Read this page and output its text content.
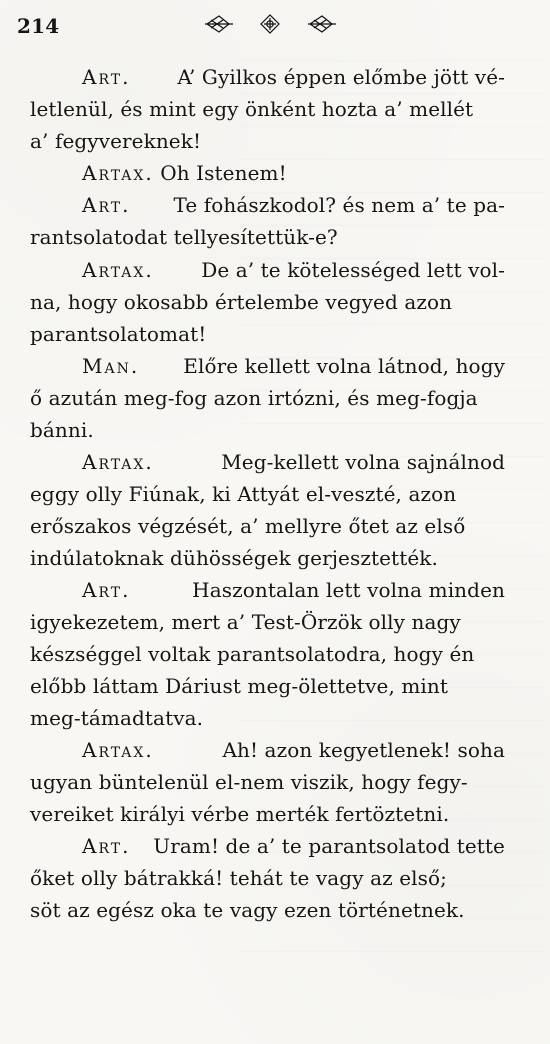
214
Art. A’ Gyilkos éppen előmbe jött vé-
letlenül, és mint egy önként hozta a’ mellét
a’ fegyvereknek!
Artax. Oh Istenem!
Art. Te fohászkodol? és nem a’ te pa-
rantsolatodat tellyesítettük-e?
Artax. De a’ te kötelességed lett vol-
na, hogy okosabb értelembe vegyed azon
parantsolatomat!
Man. Előre kellett volna látnod, hogy
ő azután meg-fog azon irtózni, és meg-fogja
bánni.
Artax.	Meg-kellett volna sajnálnod
eggy olly Fiúnak, ki Attyát el-veszté, azon
erőszakos végzését, a’ mellyre őtet az első
indúlatoknak dühösségek gerjesztették.
Art.	Haszontalan lett volna minden
igyekezetem, mert a’ Test-Örzök olly nagy
készséggel voltak parantsolatodra, hogy én
előbb láttam Dáriust meg-ölettetve, mint
meg-támadtatva.
Artax.	Ah! azon kegyetlenek! soha
ugyan büntelenül el-nem viszik, hogy fegy-
vereiket királyi vérbe merték fertöztetni.
Art. Uram! de a’ te parantsolatod tette
őket olly bátrakká! tehát te vagy az első;
söt az egész oka te vagy ezen történetnek.
